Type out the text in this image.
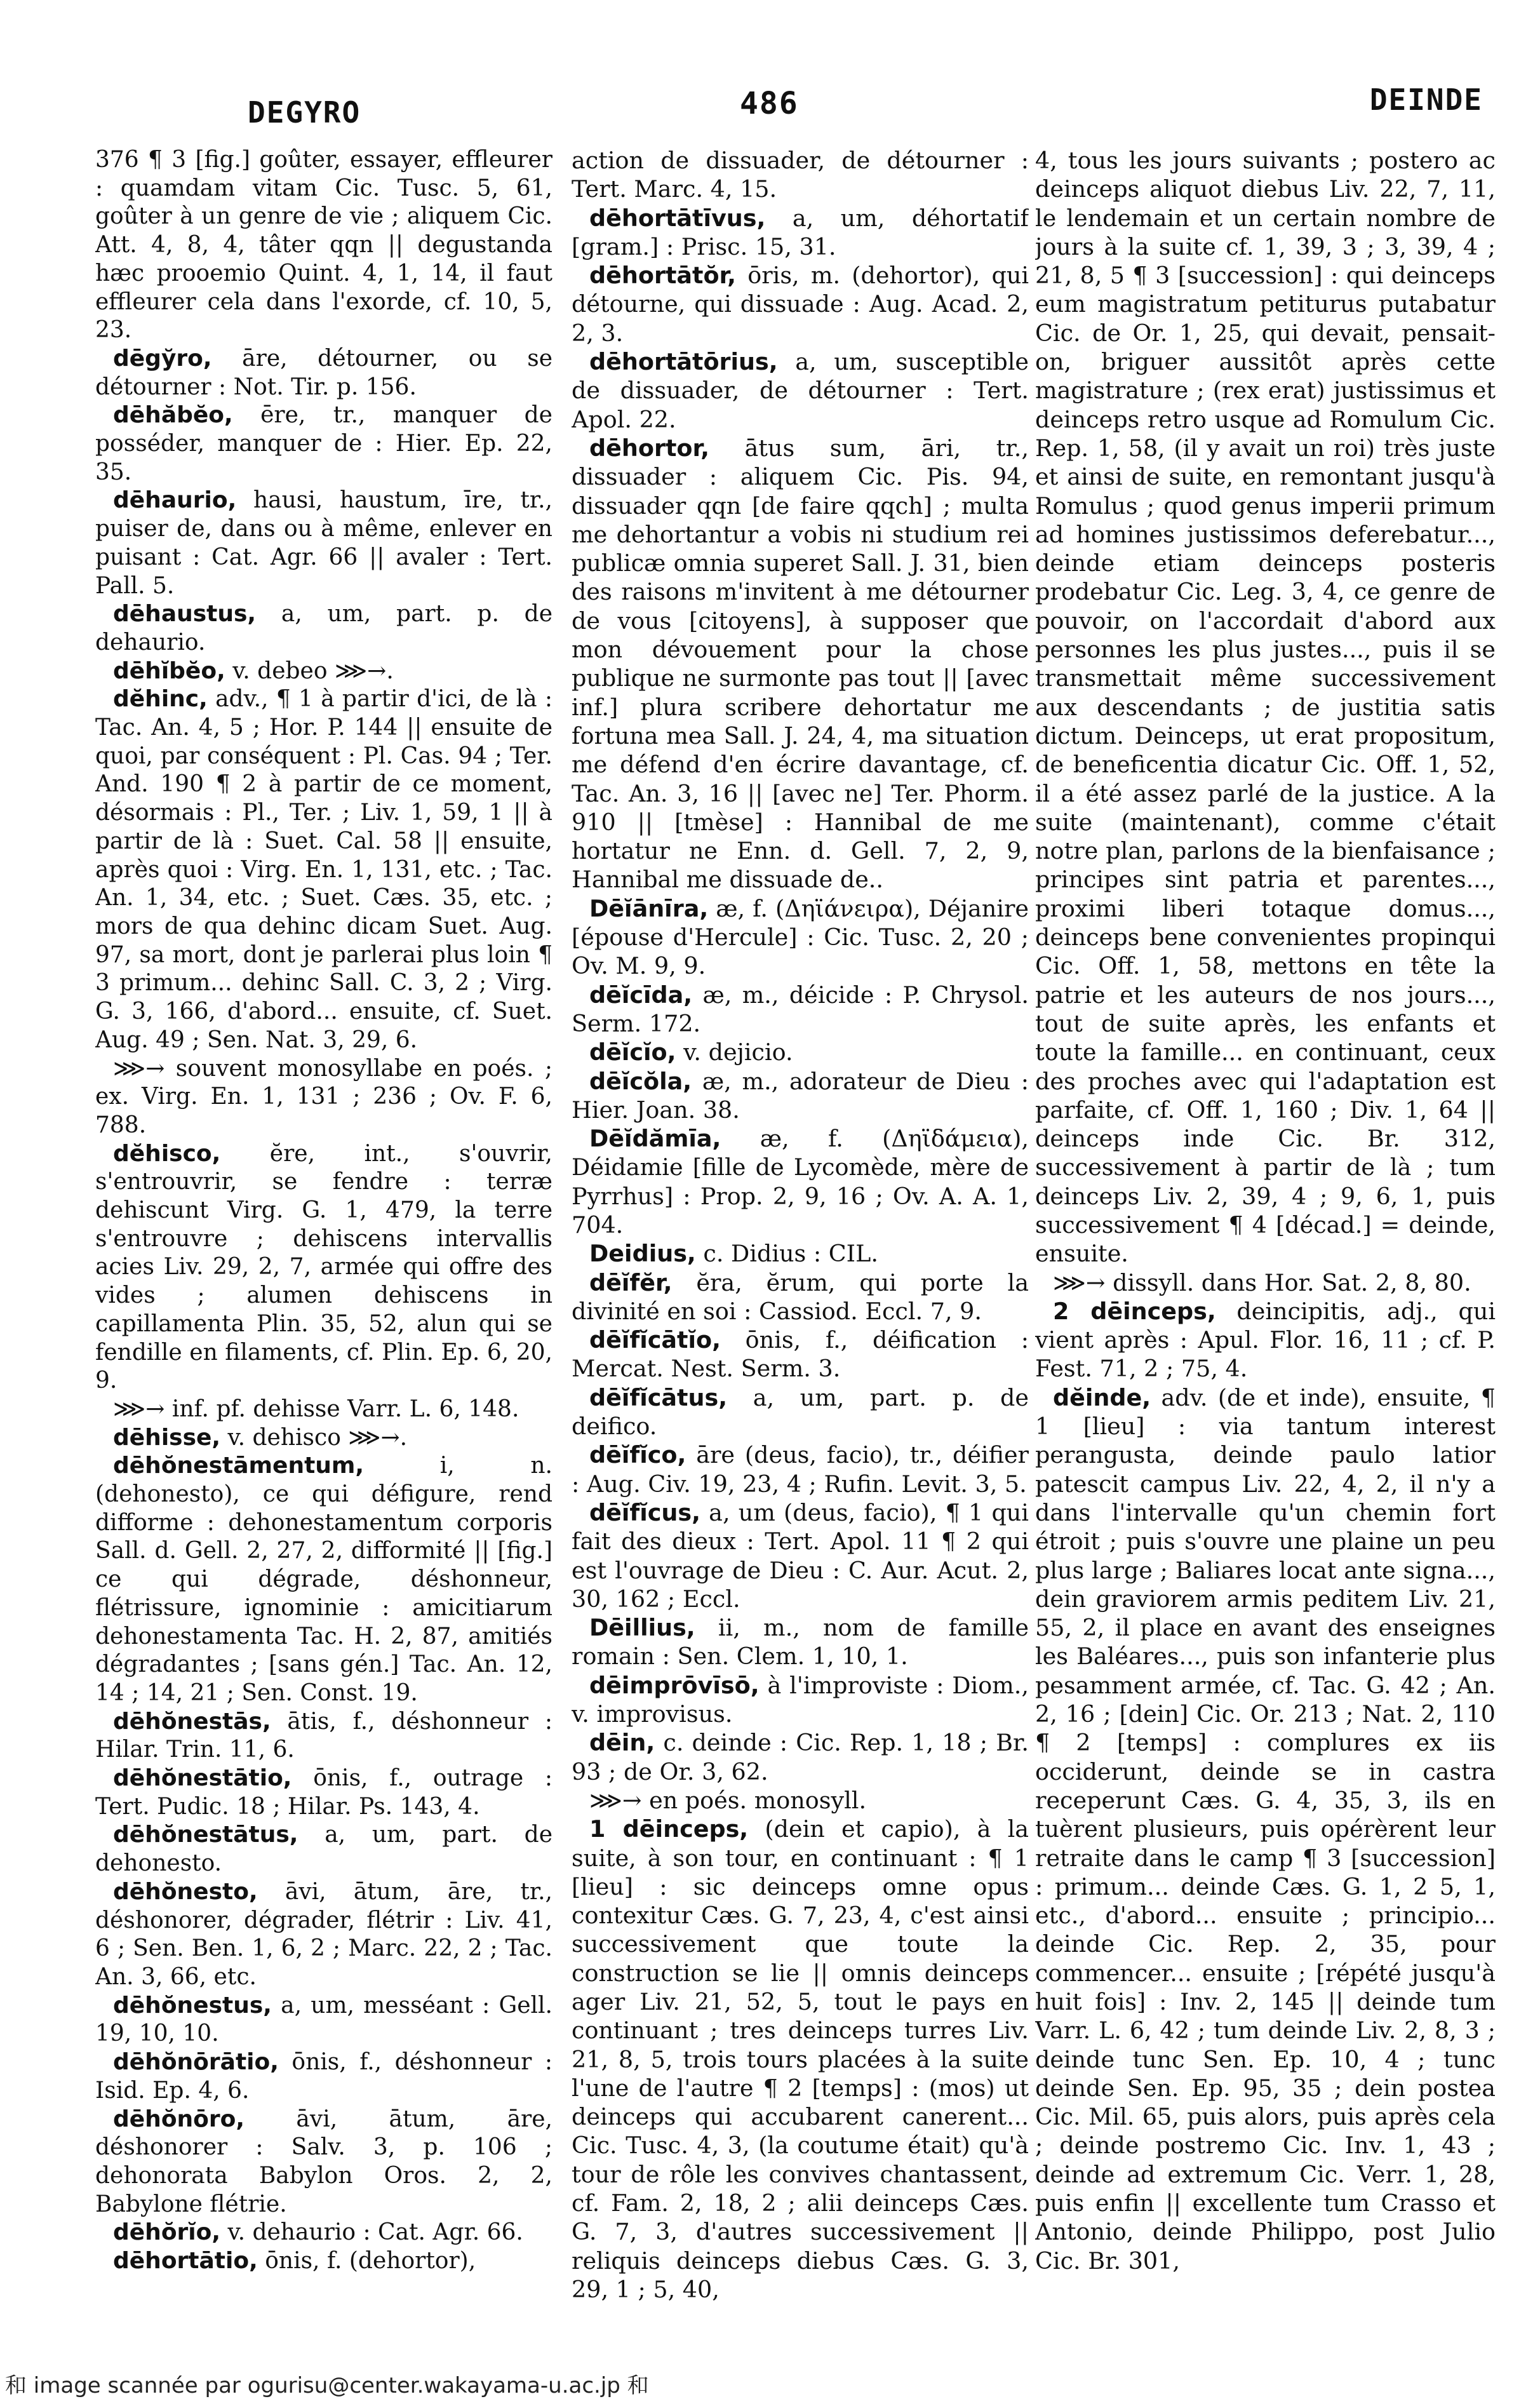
DEGYRO	486	DEINDE

376 ¶ 3 [fig.] goûter, essayer, effleurer : quamdam vitam Cic. Tusc. 5, 61, goûter à un genre de vie ; aliquem Cic. Att. 4, 8, 4, tâter qqn || degustanda hæc prooemio Quint. 4, 1, 14, il faut effleurer cela dans l'exorde, cf. 10, 5, 23.

dēgўro, āre, détourner, ou se détourner : Not. Tir. p. 156.

dēhăbĕo, ēre, tr., manquer de posséder, manquer de : Hier. Ep. 22, 35.

dēhaurio, hausi, haustum, īre, tr., puiser de, dans ou à même, enlever en puisant : Cat. Agr. 66 || avaler : Tert. Pall. 5.

dēhaustus, a, um, part. p. de dehaurio.

dēhĭbĕo, v. debeo ⋙→.

dĕhinc, adv., ¶ 1 à partir d'ici, de là : Tac. An. 4, 5 ; Hor. P. 144 || ensuite de quoi, par conséquent : Pl. Cas. 94 ; Ter. And. 190 ¶ 2 à partir de ce moment, désormais : Pl., Ter. ; Liv. 1, 59, 1 || à partir de là : Suet. Cal. 58 || ensuite, après quoi : Virg. En. 1, 131, etc. ; Tac. An. 1, 34, etc. ; Suet. Cæs. 35, etc. ; mors de qua dehinc dicam Suet. Aug. 97, sa mort, dont je parlerai plus loin ¶ 3 primum... dehinc Sall. C. 3, 2 ; Virg. G. 3, 166, d'abord... ensuite, cf. Suet. Aug. 49 ; Sen. Nat. 3, 29, 6.

⋙→ souvent monosyllabe en poés. ; ex. Virg. En. 1, 131 ; 236 ; Ov. F. 6, 788.

dĕhisco, ĕre, int., s'ouvrir, s'entrouvrir, se fendre : terræ dehiscunt Virg. G. 1, 479, la terre s'entrouvre ; dehiscens intervallis acies Liv. 29, 2, 7, armée qui offre des vides ; alumen dehiscens in capillamenta Plin. 35, 52, alun qui se fendille en filaments, cf. Plin. Ep. 6, 20, 9.

⋙→ inf. pf. dehisse Varr. L. 6, 148.

dēhisse, v. dehisco ⋙→.

dēhŏnestāmentum, i, n. (dehonesto), ce qui défigure, rend difforme : dehonestamentum corporis Sall. d. Gell. 2, 27, 2, difformité || [fig.] ce qui dégrade, déshonneur, flétrissure, ignominie : amicitiarum dehonestamenta Tac. H. 2, 87, amitiés dégradantes ; [sans gén.] Tac. An. 12, 14 ; 14, 21 ; Sen. Const. 19.

dēhŏnestās, ātis, f., déshonneur : Hilar. Trin. 11, 6.

dēhŏnestātio, ōnis, f., outrage : Tert. Pudic. 18 ; Hilar. Ps. 143, 4.

dēhŏnestātus, a, um, part. de dehonesto.

dēhŏnesto, āvi, ātum, āre, tr., déshonorer, dégrader, flétrir : Liv. 41, 6 ; Sen. Ben. 1, 6, 2 ; Marc. 22, 2 ; Tac. An. 3, 66, etc.

dēhŏnestus, a, um, messéant : Gell. 19, 10, 10.

dēhŏnōrātio, ōnis, f., déshonneur : Isid. Ep. 4, 6.

dēhŏnōro, āvi, ātum, āre, déshonorer : Salv. 3, p. 106 ; dehonorata Babylon Oros. 2, 2, Babylone flétrie.

dēhŏrĭo, v. dehaurio : Cat. Agr. 66.

dēhortātio, ōnis, f. (dehortor),

action de dissuader, de détourner : Tert. Marc. 4, 15.

dēhortātīvus, a, um, déhortatif [gram.] : Prisc. 15, 31.

dēhortātŏr, ōris, m. (dehortor), qui détourne, qui dissuade : Aug. Acad. 2, 2, 3.

dēhortātōrius, a, um, susceptible de dissuader, de détourner : Tert. Apol. 22.

dēhortor, ātus sum, āri, tr., dissuader : aliquem Cic. Pis. 94, dissuader qqn [de faire qqch] ; multa me dehortantur a vobis ni studium rei publicæ omnia superet Sall. J. 31, bien des raisons m'invitent à me détourner de vous [citoyens], à supposer que mon dévouement pour la chose publique ne surmonte pas tout || [avec inf.] plura scribere dehortatur me fortuna mea Sall. J. 24, 4, ma situation me défend d'en écrire davantage, cf. Tac. An. 3, 16 || [avec ne] Ter. Phorm. 910 || [tmèse] : Hannibal de me hortatur ne Enn. d. Gell. 7, 2, 9, Hannibal me dissuade de..

Dēĭānīra, æ, f. (Δηϊάνειρα), Déjanire [épouse d'Hercule] : Cic. Tusc. 2, 20 ; Ov. M. 9, 9.

dēĭcīda, æ, m., déicide : P. Chrysol. Serm. 172.

dēĭcĭo, v. dejicio.

dēĭcŏla, æ, m., adorateur de Dieu : Hier. Joan. 38.

Dēĭdămīa, æ, f. (Δηϊδάμεια), Déidamie [fille de Lycomède, mère de Pyrrhus] : Prop. 2, 9, 16 ; Ov. A. A. 1, 704.

Deidius, c. Didius : CIL.

dēĭfĕr, ĕra, ĕrum, qui porte la divinité en soi : Cassiod. Eccl. 7, 9.

dēĭfĭcātĭo, ōnis, f., déification : Mercat. Nest. Serm. 3.

dēĭfĭcātus, a, um, part. p. de deifico.

dēĭfĭco, āre (deus, facio), tr., déifier : Aug. Civ. 19, 23, 4 ; Rufin. Levit. 3, 5.

dēĭfĭcus, a, um (deus, facio), ¶ 1 qui fait des dieux : Tert. Apol. 11 ¶ 2 qui est l'ouvrage de Dieu : C. Aur. Acut. 2, 30, 162 ; Eccl.

Dēillius, ii, m., nom de famille romain : Sen. Clem. 1, 10, 1.

dēimprōvīsō, à l'improviste : Diom., v. improvisus.

dēin, c. deinde : Cic. Rep. 1, 18 ; Br. 93 ; de Or. 3, 62.

⋙→ en poés. monosyll.

1 dēinceps, (dein et capio), à la suite, à son tour, en continuant : ¶ 1 [lieu] : sic deinceps omne opus contexitur Cæs. G. 7, 23, 4, c'est ainsi successivement que toute la construction se lie || omnis deinceps ager Liv. 21, 52, 5, tout le pays en continuant ; tres deinceps turres Liv. 21, 8, 5, trois tours placées à la suite l'une de l'autre ¶ 2 [temps] : (mos) ut deinceps qui accubarent canerent... Cic. Tusc. 4, 3, (la coutume était) qu'à tour de rôle les convives chantassent, cf. Fam. 2, 18, 2 ; alii deinceps Cæs. G. 7, 3, d'autres successivement || reliquis deinceps diebus Cæs. G. 3, 29, 1 ; 5, 40,

4, tous les jours suivants ; postero ac deinceps aliquot diebus Liv. 22, 7, 11, le lendemain et un certain nombre de jours à la suite cf. 1, 39, 3 ; 3, 39, 4 ; 21, 8, 5 ¶ 3 [succession] : qui deinceps eum magistratum petiturus putabatur Cic. de Or. 1, 25, qui devait, pensait-on, briguer aussitôt après cette magistrature ; (rex erat) justissimus et deinceps retro usque ad Romulum Cic. Rep. 1, 58, (il y avait un roi) très juste et ainsi de suite, en remontant jusqu'à Romulus ; quod genus imperii primum ad homines justissimos deferebatur..., deinde etiam deinceps posteris prodebatur Cic. Leg. 3, 4, ce genre de pouvoir, on l'accordait d'abord aux personnes les plus justes..., puis il se transmettait même successivement aux descendants ; de justitia satis dictum. Deinceps, ut erat propositum, de beneficentia dicatur Cic. Off. 1, 52, il a été assez parlé de la justice. A la suite (maintenant), comme c'était notre plan, parlons de la bienfaisance ; principes sint patria et parentes..., proximi liberi totaque domus..., deinceps bene convenientes propinqui Cic. Off. 1, 58, mettons en tête la patrie et les auteurs de nos jours..., tout de suite après, les enfants et toute la famille... en continuant, ceux des proches avec qui l'adaptation est parfaite, cf. Off. 1, 160 ; Div. 1, 64 || deinceps inde Cic. Br. 312, successivement à partir de là ; tum deinceps Liv. 2, 39, 4 ; 9, 6, 1, puis successivement ¶ 4 [décad.] = deinde, ensuite.

⋙→ dissyll. dans Hor. Sat. 2, 8, 80.

2 dēinceps, deincipitis, adj., qui vient après : Apul. Flor. 16, 11 ; cf. P. Fest. 71, 2 ; 75, 4.

dĕinde, adv. (de et inde), ensuite, ¶ 1 [lieu] : via tantum interest perangusta, deinde paulo latior patescit campus Liv. 22, 4, 2, il n'y a dans l'intervalle qu'un chemin fort étroit ; puis s'ouvre une plaine un peu plus large ; Baliares locat ante signa..., dein graviorem armis peditem Liv. 21, 55, 2, il place en avant des enseignes les Baléares..., puis son infanterie plus pesamment armée, cf. Tac. G. 42 ; An. 2, 16 ; [dein] Cic. Or. 213 ; Nat. 2, 110 ¶ 2 [temps] : complures ex iis occiderunt, deinde se in castra receperunt Cæs. G. 4, 35, 3, ils en tuèrent plusieurs, puis opérèrent leur retraite dans le camp ¶ 3 [succession] : primum... deinde Cæs. G. 1, 2 5, 1, etc., d'abord... ensuite ; principio... deinde Cic. Rep. 2, 35, pour commencer... ensuite ; [répété jusqu'à huit fois] : Inv. 2, 145 || deinde tum Varr. L. 6, 42 ; tum deinde Liv. 2, 8, 3 ; deinde tunc Sen. Ep. 10, 4 ; tunc deinde Sen. Ep. 95, 35 ; dein postea Cic. Mil. 65, puis alors, puis après cela ; deinde postremo Cic. Inv. 1, 43 ; deinde ad extremum Cic. Verr. 1, 28, puis enfin || excellente tum Crasso et Antonio, deinde Philippo, post Julio Cic. Br. 301,

和 image scannée par ogurisu@center.wakayama-u.ac.jp 和
